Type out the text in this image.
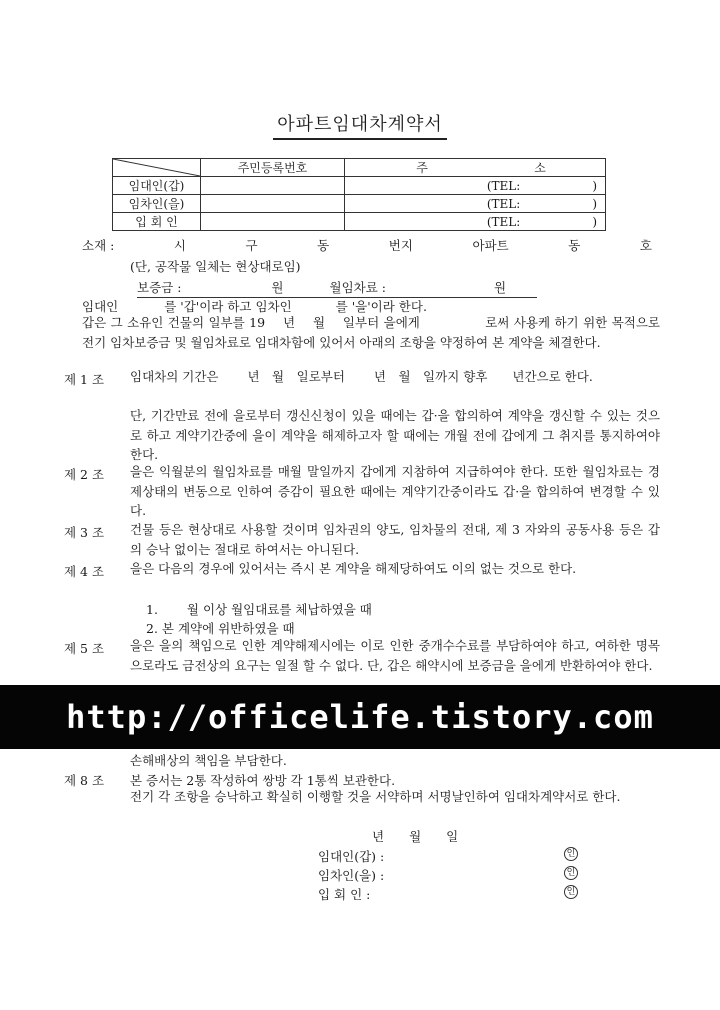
아파트임대차계약서
	주민등록번호	주 소
임대인(갑)		(TEL:　　　　　　)
임차인(을)		(TEL:　　　　　　)
입 회 인		(TEL:　　　　　　)
소재 :	시	구	동	번지	아파트	동	호
(단, 공작물 일체는 현상대로임)
보증금 :	원	월임차료 :	원
임대인	를 '갑'이라 하고 임차인	를 '을'이라 한다.
갑은 그 소유인 건물의 일부를 19　 년　 월　 일부터 을에게　　　　　로써 사용케 하기 위한 목적으로 전기 임차보증금 및 월임차료로 임대차함에 있어서 아래의 조항을 약정하여 본 계약을 체결한다.
제 1 조 임대차의 기간은　　 년　월　일로부터　　 년　월　일까지 향후　　년간으로 한다.
단, 기간만료 전에 을로부터 갱신신청이 있을 때에는 갑·을 합의하여 계약을 갱신할 수 있는 것으로 하고 계약기간중에 을이 계약을 해제하고자 할 때에는 개월 전에 갑에게 그 취지를 통지하여야 한다.
제 2 조 을은 익월분의 월임차료를 매월 말일까지 갑에게 지참하여 지급하여야 한다. 또한 월임차료는 경제상태의 변동으로 인하여 증감이 필요한 때에는 계약기간중이라도 갑·을 합의하여 변경할 수 있다.
제 3 조 건물 등은 현상대로 사용할 것이며 임차권의 양도, 임차물의 전대, 제 3 자와의 공동사용 등은 갑의 승낙 없이는 절대로 하여서는 아니된다.
제 4 조 을은 다음의 경우에 있어서는 즉시 본 계약을 해제당하여도 이의 없는 것으로 한다.
1.　　 월 이상 월임대료를 체납하였을 때
2. 본 계약에 위반하였을 때
제 5 조 을은 을의 책임으로 인한 계약해제시에는 이로 인한 중개수수료를 부담하여야 하고, 여하한 명목으로라도 금전상의 요구는 일절 할 수 없다. 단, 갑은 해약시에 보증금을 을에게 반환하여야 한다.
http://officelife.tistory.com
손해배상의 책임을 부담한다.
제 8 조 본 증서는 2통 작성하여 쌍방 각 1통씩 보관한다.
전기 각 조항을 승낙하고 확실히 이행할 것을 서약하며 서명날인하여 임대차계약서로 한다.
년　　월　　일
임대인(갑) :	인
임차인(을) :	인
입 회 인 :	인
